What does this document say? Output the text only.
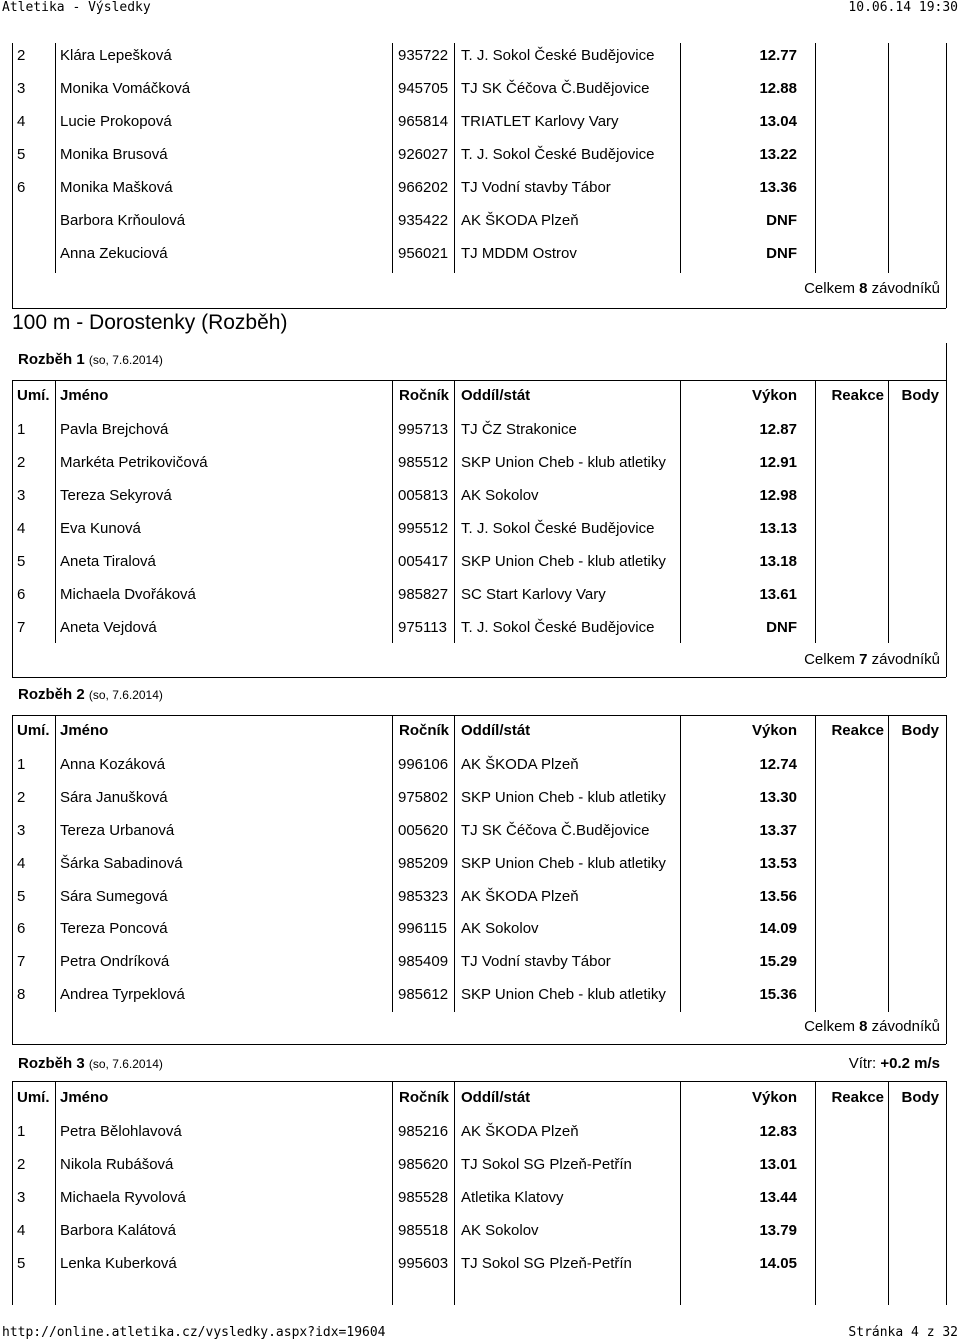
Atletika - Výsledky	10.06.14 19:30
2 Klára Lepešková	935722 T. J. Sokol České Budějovice	12.77
3 Monika Vomáčková	945705 TJ SK Čéčova Č.Budějovice	12.88
4 Lucie Prokopová	965814 TRIATLET Karlovy Vary	13.04
5 Monika Brusová	926027 T. J. Sokol České Budějovice	13.22
6 Monika Mašková	966202 TJ Vodní stavby Tábor	13.36
Barbora Krňoulová	935422 AK ŠKODA Plzeň	DNF
Anna Zekuciová	956021 TJ MDDM Ostrov	DNF
Celkem 8 závodníků
100 m - Dorostenky (Rozběh)
Rozběh 1 (so, 7.6.2014)
Umí. Jméno	Ročník Oddíl/stát	Výkon Reakce Body
1 Pavla Brejchová	995713 TJ ČZ Strakonice	12.87
2 Markéta Petrikovičová	985512 SKP Union Cheb - klub atletiky	12.91
3 Tereza Sekyrová	005813 AK Sokolov	12.98
4 Eva Kunová	995512 T. J. Sokol České Budějovice	13.13
5 Aneta Tiralová	005417 SKP Union Cheb - klub atletiky	13.18
6 Michaela Dvořáková	985827 SC Start Karlovy Vary	13.61
7 Aneta Vejdová	975113 T. J. Sokol České Budějovice	DNF
Celkem 7 závodníků
Rozběh 2 (so, 7.6.2014)
Umí. Jméno	Ročník Oddíl/stát	Výkon Reakce Body
1 Anna Kozáková	996106 AK ŠKODA Plzeň	12.74
2 Sára Janušková	975802 SKP Union Cheb - klub atletiky	13.30
3 Tereza Urbanová	005620 TJ SK Čéčova Č.Budějovice	13.37
4 Šárka Sabadinová	985209 SKP Union Cheb - klub atletiky	13.53
5 Sára Sumegová	985323 AK ŠKODA Plzeň	13.56
6 Tereza Poncová	996115 AK Sokolov	14.09
7 Petra Ondríková	985409 TJ Vodní stavby Tábor	15.29
8 Andrea Tyrpeklová	985612 SKP Union Cheb - klub atletiky	15.36
Celkem 8 závodníků
Rozběh 3 (so, 7.6.2014)	Vítr: +0.2 m/s
Umí. Jméno	Ročník Oddíl/stát	Výkon Reakce Body
1 Petra Bělohlavová	985216 AK ŠKODA Plzeň	12.83
2 Nikola Rubášová	985620 TJ Sokol SG Plzeň-Petřín	13.01
3 Michaela Ryvolová	985528 Atletika Klatovy	13.44
4 Barbora Kalátová	985518 AK Sokolov	13.79
5 Lenka Kuberková	995603 TJ Sokol SG Plzeň-Petřín	14.05
http://online.atletika.cz/vysledky.aspx?idx=19604	Stránka 4 z 32
